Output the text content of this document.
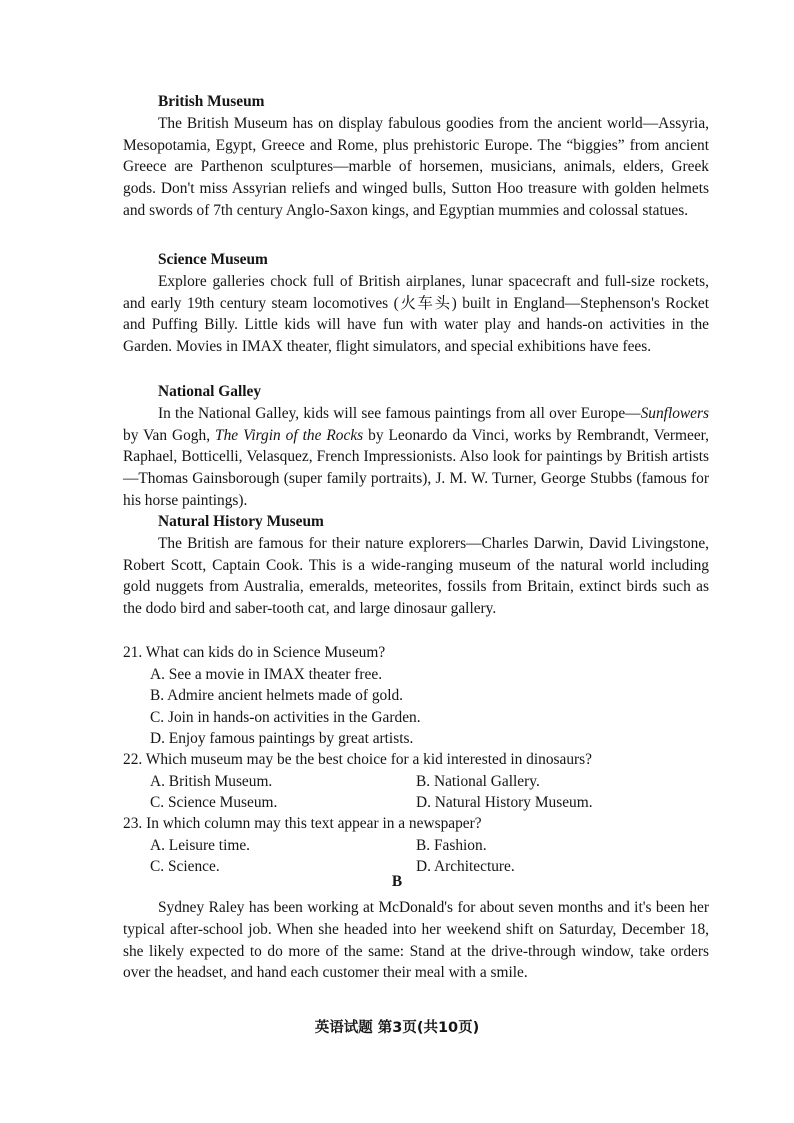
British Museum
The British Museum has on display fabulous goodies from the ancient world—Assyria, Mesopotamia, Egypt, Greece and Rome, plus prehistoric Europe. The “biggies” from ancient Greece are Parthenon sculptures—marble of horsemen, musicians, animals, elders, Greek gods. Don't miss Assyrian reliefs and winged bulls, Sutton Hoo treasure with golden helmets and swords of 7th century Anglo-Saxon kings, and Egyptian mummies and colossal statues.
Science Museum
Explore galleries chock full of British airplanes, lunar spacecraft and full-size rockets, and early 19th century steam locomotives (火车头) built in England—Stephenson's Rocket and Puffing Billy. Little kids will have fun with water play and hands-on activities in the Garden. Movies in IMAX theater, flight simulators, and special exhibitions have fees.
National Galley
In the National Galley, kids will see famous paintings from all over Europe—Sunflowers by Van Gogh, The Virgin of the Rocks by Leonardo da Vinci, works by Rembrandt, Vermeer, Raphael, Botticelli, Velasquez, French Impressionists. Also look for paintings by British artists—Thomas Gainsborough (super family portraits), J. M. W. Turner, George Stubbs (famous for his horse paintings).
Natural History Museum
The British are famous for their nature explorers—Charles Darwin, David Livingstone, Robert Scott, Captain Cook. This is a wide-ranging museum of the natural world including gold nuggets from Australia, emeralds, meteorites, fossils from Britain, extinct birds such as the dodo bird and saber-tooth cat, and large dinosaur gallery.
21. What can kids do in Science Museum?
A. See a movie in IMAX theater free.
B. Admire ancient helmets made of gold.
C. Join in hands-on activities in the Garden.
D. Enjoy famous paintings by great artists.
22. Which museum may be the best choice for a kid interested in dinosaurs?
A. British Museum.	B. National Gallery.
C. Science Museum.	D. Natural History Museum.
23. In which column may this text appear in a newspaper?
A. Leisure time.	B. Fashion.
C. Science.	D. Architecture.
B
Sydney Raley has been working at McDonald's for about seven months and it's been her typical after-school job. When she headed into her weekend shift on Saturday, December 18, she likely expected to do more of the same: Stand at the drive-through window, take orders over the headset, and hand each customer their meal with a smile.
英语试题 第3页(共10页)
